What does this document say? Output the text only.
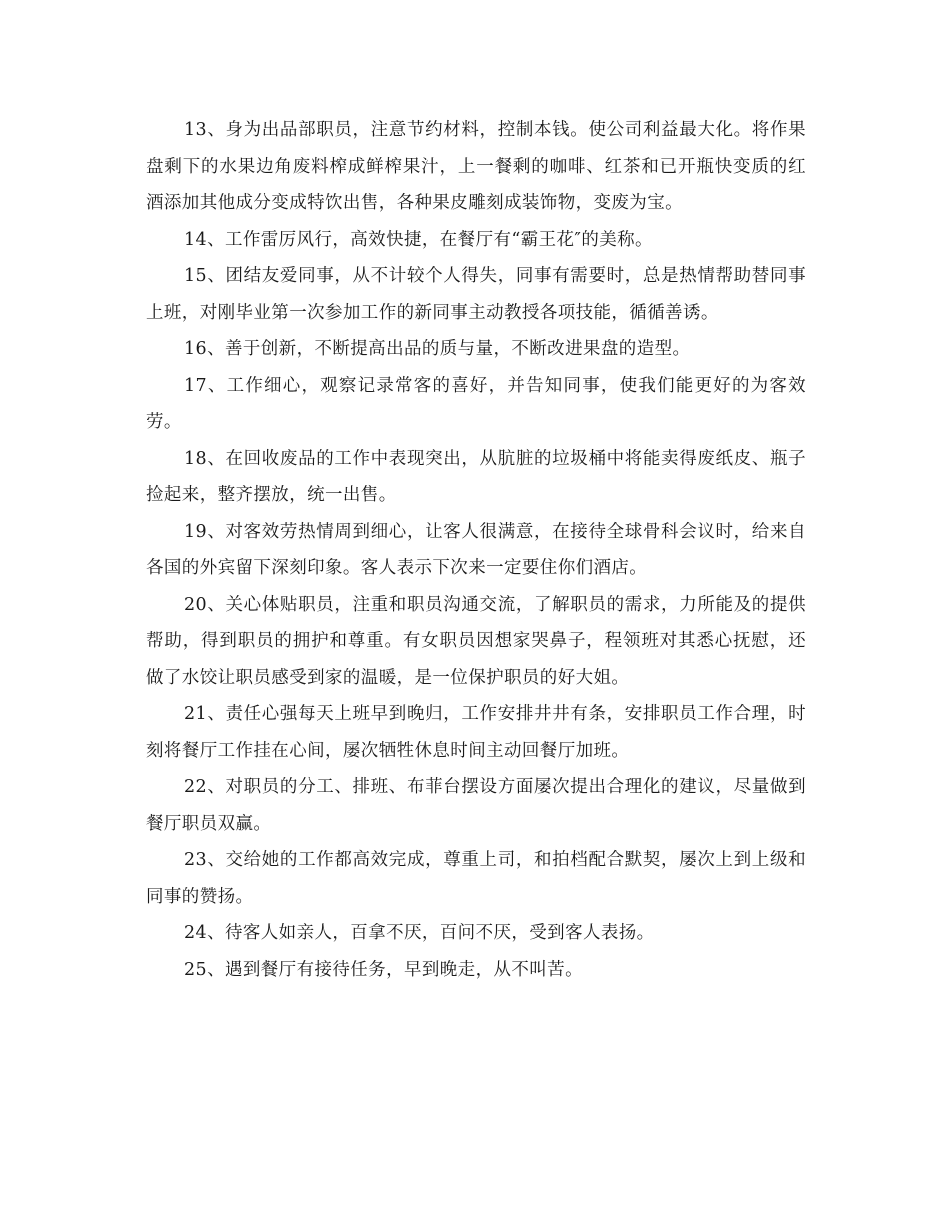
13、身为出品部职员，注意节约材料，控制本钱。使公司利益最大化。将作果盘剩下的水果边角废料榨成鲜榨果汁，上一餐剩的咖啡、红茶和已开瓶快变质的红酒添加其他成分变成特饮出售，各种果皮雕刻成装饰物，变废为宝。

14、工作雷厉风行，高效快捷，在餐厅有“霸王花″的美称。

15、团结友爱同事，从不计较个人得失，同事有需要时，总是热情帮助替同事上班，对刚毕业第一次参加工作的新同事主动教授各项技能，循循善诱。

16、善于创新，不断提高出品的质与量，不断改进果盘的造型。

17、工作细心，观察记录常客的喜好，并告知同事，使我们能更好的为客效劳。

18、在回收废品的工作中表现突出，从肮脏的垃圾桶中将能卖得废纸皮、瓶子捡起来，整齐摆放，统一出售。

19、对客效劳热情周到细心，让客人很满意，在接待全球骨科会议时，给来自各国的外宾留下深刻印象。客人表示下次来一定要住你们酒店。

20、关心体贴职员，注重和职员沟通交流，了解职员的需求，力所能及的提供帮助，得到职员的拥护和尊重。有女职员因想家哭鼻子，程领班对其悉心抚慰，还做了水饺让职员感受到家的温暖，是一位保护职员的好大姐。

21、责任心强每天上班早到晚归，工作安排井井有条，安排职员工作合理，时刻将餐厅工作挂在心间，屡次牺牲休息时间主动回餐厅加班。

22、对职员的分工、排班、布菲台摆设方面屡次提出合理化的建议，尽量做到餐厅职员双赢。

23、交给她的工作都高效完成，尊重上司，和拍档配合默契，屡次上到上级和同事的赞扬。

24、待客人如亲人，百拿不厌，百问不厌，受到客人表扬。

25、遇到餐厅有接待任务，早到晚走，从不叫苦。
